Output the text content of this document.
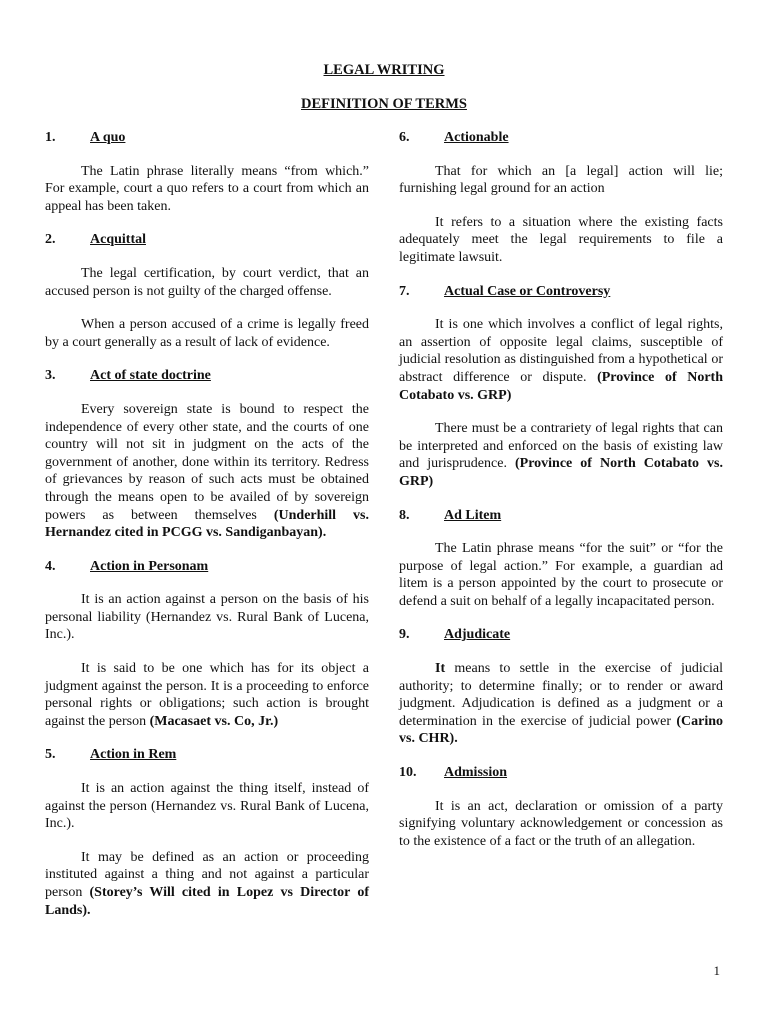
LEGAL WRITING
DEFINITION OF TERMS
1.	A quo

The Latin phrase literally means “from which.” For example, court a quo refers to a court from which an appeal has been taken.

2.	Acquittal

The legal certification, by court verdict, that an accused person is not guilty of the charged offense.

When a person accused of a crime is legally freed by a court generally as a result of lack of evidence.

3.	Act of state doctrine

Every sovereign state is bound to respect the independence of every other state, and the courts of one country will not sit in judgment on the acts of the government of another, done within its territory. Redress of grievances by reason of such acts must be obtained through the means open to be availed of by sovereign powers as between themselves (Underhill vs. Hernandez cited in PCGG vs. Sandiganbayan).

4.	Action in Personam

It is an action against a person on the basis of his personal liability (Hernandez vs. Rural Bank of Lucena, Inc.).

It is said to be one which has for its object a judgment against the person. It is a proceeding to enforce personal rights or obligations; such action is brought against the person (Macasaet vs. Co, Jr.)

5.	Action in Rem

It is an action against the thing itself, instead of against the person (Hernandez vs. Rural Bank of Lucena, Inc.).

It may be defined as an action or proceeding instituted against a thing and not against a particular person (Storey’s Will cited in Lopez vs Director of Lands).

6.	Actionable

That for which an [a legal] action will lie; furnishing legal ground for an action

It refers to a situation where the existing facts adequately meet the legal requirements to file a legitimate lawsuit.

7.	Actual Case or Controversy

It is one which involves a conflict of legal rights, an assertion of opposite legal claims, susceptible of judicial resolution as distinguished from a hypothetical or abstract difference or dispute. (Province of North Cotabato vs. GRP)

There must be a contrariety of legal rights that can be interpreted and enforced on the basis of existing law and jurisprudence. (Province of North Cotabato vs. GRP)

8.	Ad Litem

The Latin phrase means “for the suit” or “for the purpose of legal action.” For example, a guardian ad litem is a person appointed by the court to prosecute or defend a suit on behalf of a legally incapacitated person.

9.	Adjudicate

It means to settle in the exercise of judicial authority; to determine finally; or to render or award judgment. Adjudication is defined as a judgment or a determination in the exercise of judicial power (Carino vs. CHR).

10.	Admission

It is an act, declaration or omission of a party signifying voluntary acknowledgement or concession as to the existence of a fact or the truth of an allegation.

1
